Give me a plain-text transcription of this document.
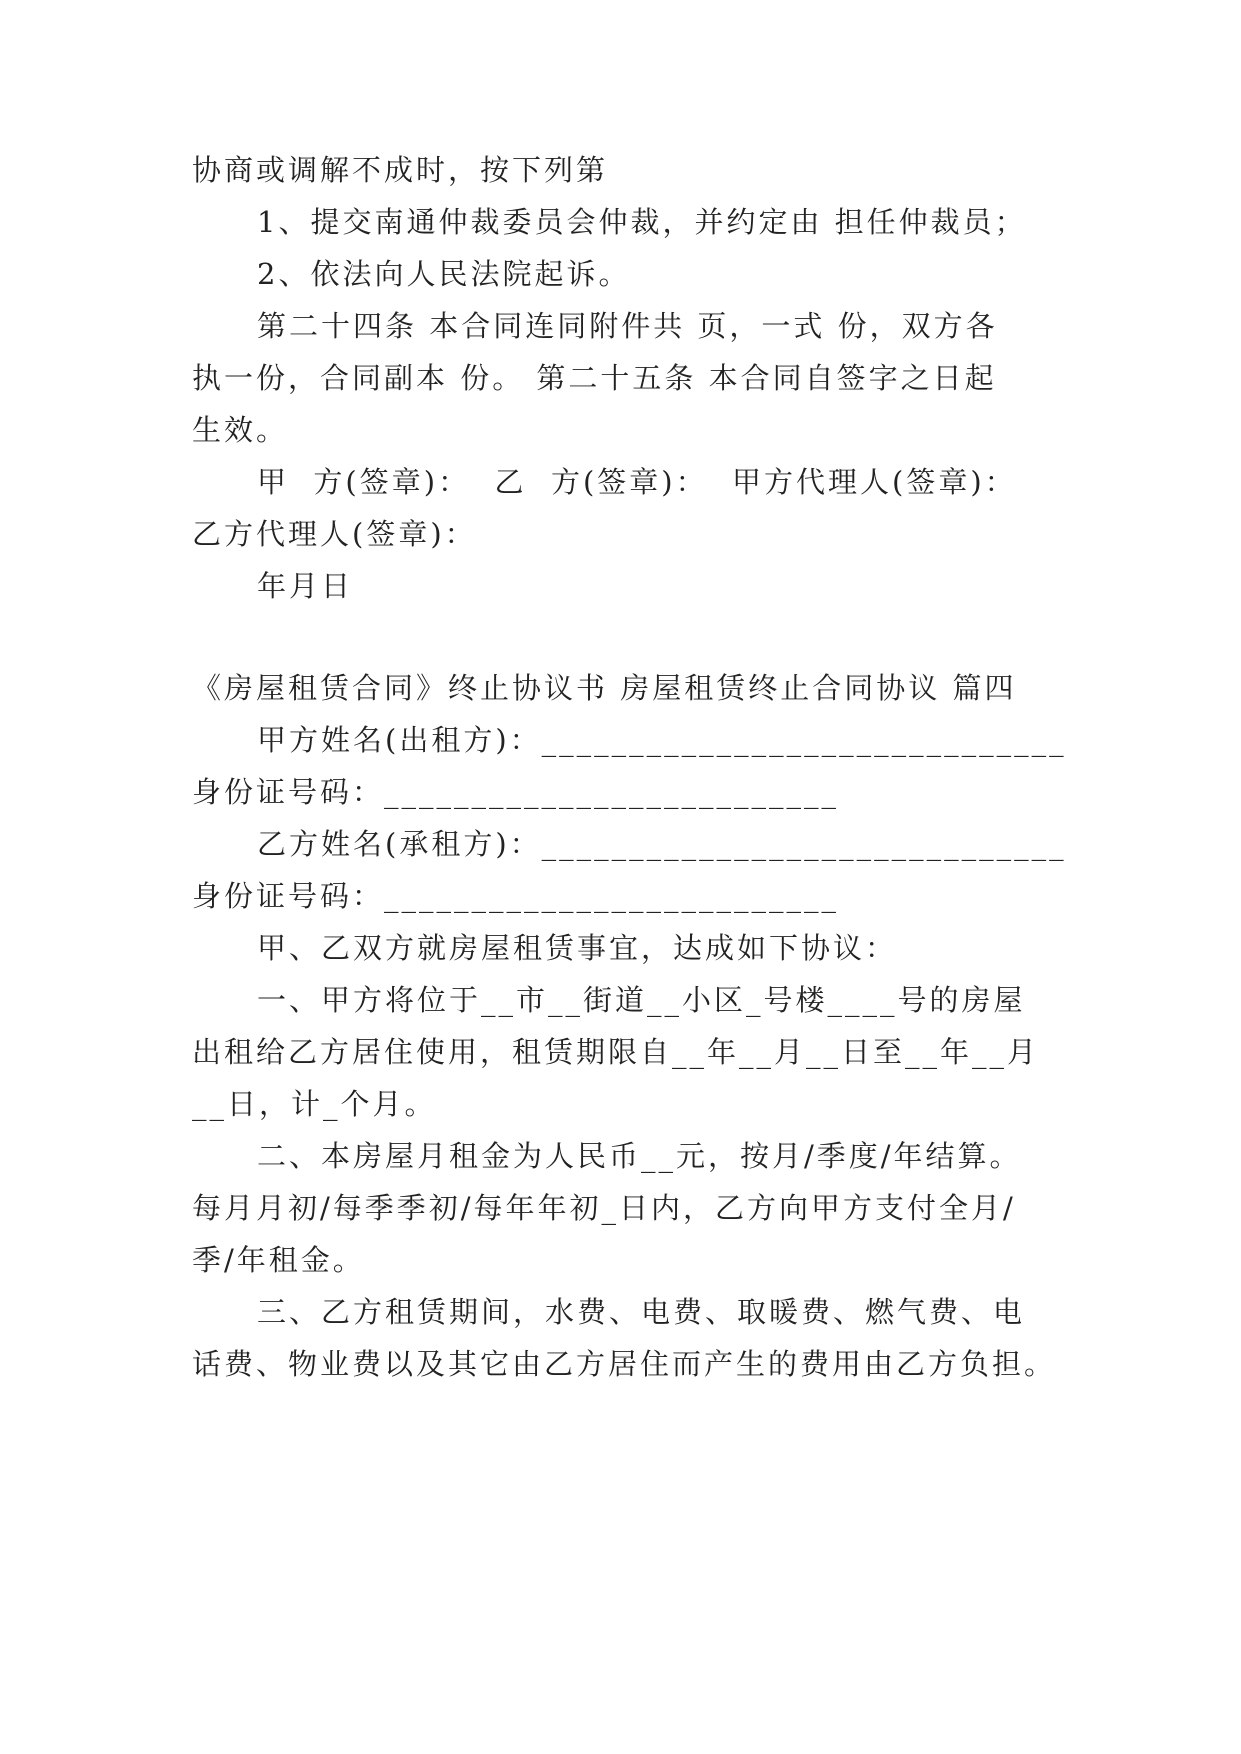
协商或调解不成时，按下列第
1、提交南通仲裁委员会仲裁，并约定由 担任仲裁员；
2、依法向人民法院起诉。
第二十四条 本合同连同附件共 页，一式 份，双方各
执一份，合同副本 份。 第二十五条 本合同自签字之日起
生效。
甲  方(签章)：  乙  方(签章)：  甲方代理人(签章)：
乙方代理人(签章)：
年月日
《房屋租赁合同》终止协议书 房屋租赁终止合同协议 篇四
甲方姓名(出租方)：______________________________
身份证号码：__________________________
乙方姓名(承租方)：______________________________
身份证号码：__________________________
甲、乙双方就房屋租赁事宜，达成如下协议：
一、甲方将位于__市__街道__小区_号楼____号的房屋
出租给乙方居住使用，租赁期限自__年__月__日至__年__月
__日，计_个月。
二、本房屋月租金为人民币__元，按月/季度/年结算。
每月月初/每季季初/每年年初_日内，乙方向甲方支付全月/
季/年租金。
三、乙方租赁期间，水费、电费、取暖费、燃气费、电
话费、物业费以及其它由乙方居住而产生的费用由乙方负担。
